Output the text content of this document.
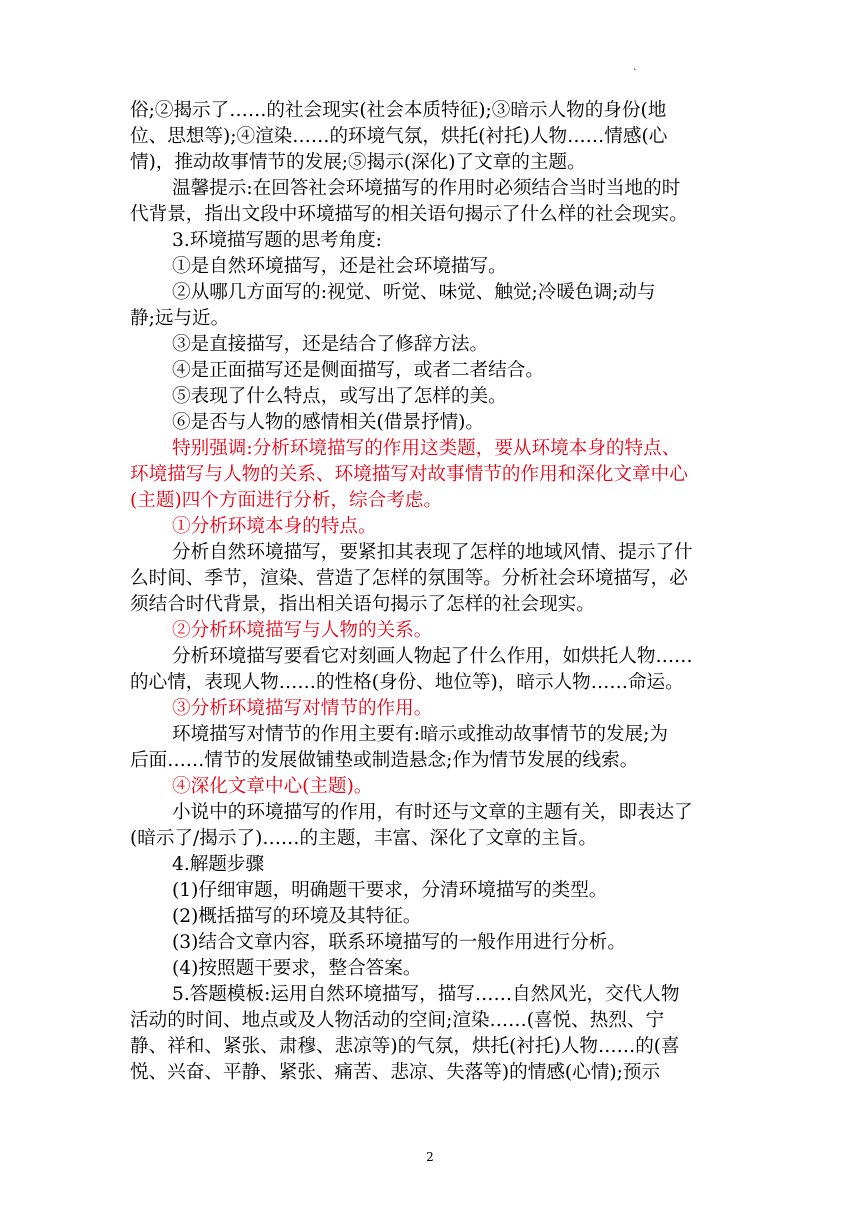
.
俗;②揭示了……的社会现实(社会本质特征);③暗示人物的身份(地
位、思想等);④渲染……的环境气氛，烘托(衬托)人物……情感(心
情)，推动故事情节的发展;⑤揭示(深化)了文章的主题。
温馨提示:在回答社会环境描写的作用时必须结合当时当地的时
代背景，指出文段中环境描写的相关语句揭示了什么样的社会现实。
3.环境描写题的思考角度:
①是自然环境描写，还是社会环境描写。
②从哪几方面写的:视觉、听觉、味觉、触觉;冷暖色调;动与
静;远与近。
③是直接描写，还是结合了修辞方法。
④是正面描写还是侧面描写，或者二者结合。
⑤表现了什么特点，或写出了怎样的美。
⑥是否与人物的感情相关(借景抒情)。
特别强调:分析环境描写的作用这类题，要从环境本身的特点、
环境描写与人物的关系、环境描写对故事情节的作用和深化文章中心
(主题)四个方面进行分析，综合考虑。
①分析环境本身的特点。
分析自然环境描写，要紧扣其表现了怎样的地域风情、提示了什
么时间、季节，渲染、营造了怎样的氛围等。分析社会环境描写，必
须结合时代背景，指出相关语句揭示了怎样的社会现实。
②分析环境描写与人物的关系。
分析环境描写要看它对刻画人物起了什么作用，如烘托人物……
的心情，表现人物……的性格(身份、地位等)，暗示人物……命运。
③分析环境描写对情节的作用。
环境描写对情节的作用主要有:暗示或推动故事情节的发展;为
后面……情节的发展做铺垫或制造悬念;作为情节发展的线索。
④深化文章中心(主题)。
小说中的环境描写的作用，有时还与文章的主题有关，即表达了
(暗示了/揭示了)……的主题，丰富、深化了文章的主旨。
4.解题步骤
(1)仔细审题，明确题干要求，分清环境描写的类型。
(2)概括描写的环境及其特征。
(3)结合文章内容，联系环境描写的一般作用进行分析。
(4)按照题干要求，整合答案。
5.答题模板:运用自然环境描写，描写……自然风光，交代人物
活动的时间、地点或及人物活动的空间;渲染……(喜悦、热烈、宁
静、祥和、紧张、肃穆、悲凉等)的气氛，烘托(衬托)人物……的(喜
悦、兴奋、平静、紧张、痛苦、悲凉、失落等)的情感(心情);预示
2
